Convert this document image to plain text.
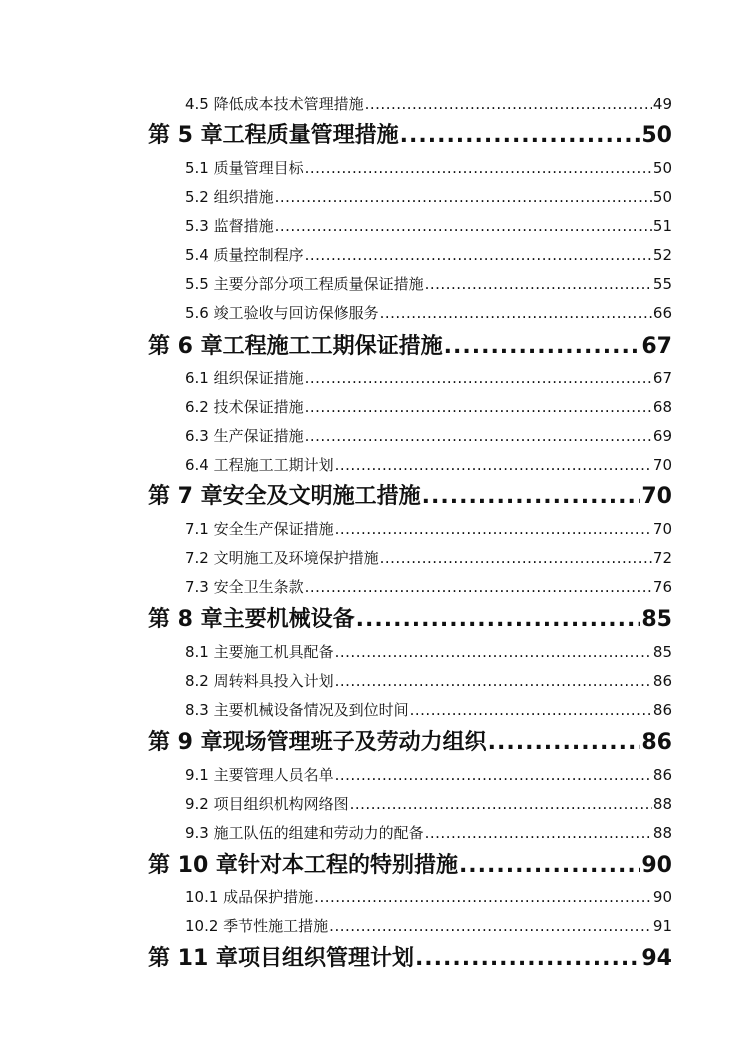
4.5 降低成本技术管理措施 .....	49
第 5 章 工程质量管理措施 .....	50
5.1 质量管理目标 .....	50
5.2 组织措施 .....	50
5.3 监督措施 .....	51
5.4 质量控制程序 .....	52
5.5 主要分部分项工程质量保证措施 .....	55
5.6 竣工验收与回访保修服务 .....	66
第 6 章 工程施工工期保证措施 .....	67
6.1 组织保证措施 .....	67
6.2 技术保证措施 .....	68
6.3 生产保证措施 .....	69
6.4 工程施工工期计划 .....	70
第 7 章 安全及文明施工措施 .....	70
7.1 安全生产保证措施 .....	70
7.2 文明施工及环境保护措施 .....	72
7.3 安全卫生条款 .....	76
第 8 章 主要机械设备 .....	85
8.1 主要施工机具配备 .....	85
8.2 周转料具投入计划 .....	86
8.3 主要机械设备情况及到位时间 .....	86
第 9 章 现场管理班子及劳动力组织 .....	86
9.1 主要管理人员名单 .....	86
9.2 项目组织机构网络图 .....	88
9.3 施工队伍的组建和劳动力的配备 .....	88
第 10 章 针对本工程的特别措施 .....	90
10.1 成品保护措施 .....	90
10.2 季节性施工措施 .....	91
第 11 章 项目组织管理计划 .....	94
